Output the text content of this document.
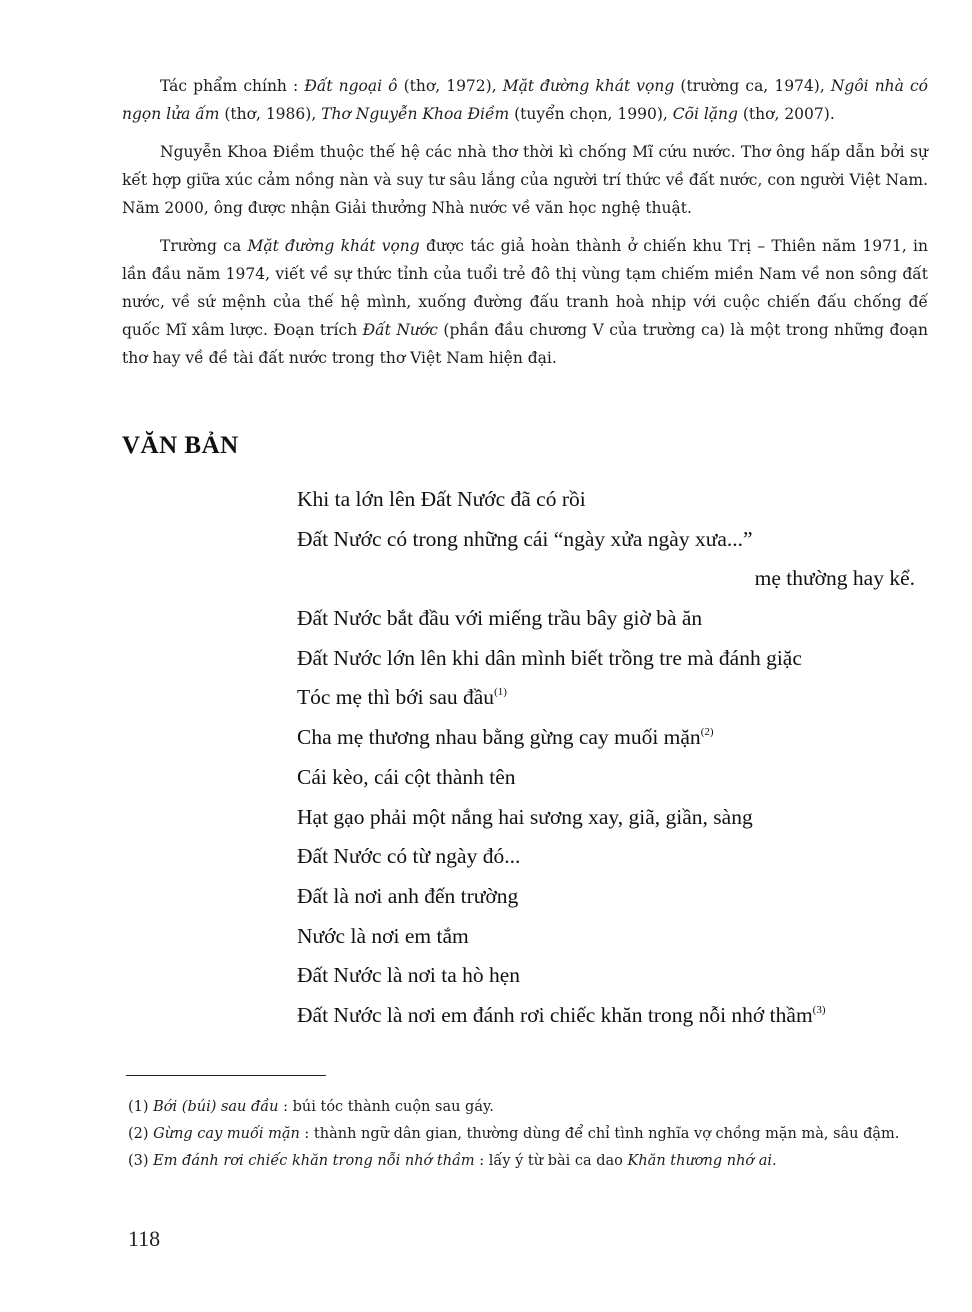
Tác phẩm chính : Đất ngoại ô (thơ, 1972), Mặt đường khát vọng (trường ca, 1974), Ngôi nhà có ngọn lửa ấm (thơ, 1986), Thơ Nguyễn Khoa Điềm (tuyển chọn, 1990), Cõi lặng (thơ, 2007).

Nguyễn Khoa Điềm thuộc thế hệ các nhà thơ thời kì chống Mĩ cứu nước. Thơ ông hấp dẫn bởi sự kết hợp giữa xúc cảm nồng nàn và suy tư sâu lắng của người trí thức về đất nước, con người Việt Nam. Năm 2000, ông được nhận Giải thưởng Nhà nước về văn học nghệ thuật.

Trường ca Mặt đường khát vọng được tác giả hoàn thành ở chiến khu Trị – Thiên năm 1971, in lần đầu năm 1974, viết về sự thức tỉnh của tuổi trẻ đô thị vùng tạm chiếm miền Nam về non sông đất nước, về sứ mệnh của thế hệ mình, xuống đường đấu tranh hoà nhịp với cuộc chiến đấu chống đế quốc Mĩ xâm lược. Đoạn trích Đất Nước (phần đầu chương V của trường ca) là một trong những đoạn thơ hay về đề tài đất nước trong thơ Việt Nam hiện đại.

VĂN BẢN
Khi ta lớn lên Đất Nước đã có rồi
Đất Nước có trong những cái “ngày xửa ngày xưa...”
mẹ thường hay kể.
Đất Nước bắt đầu với miếng trầu bây giờ bà ăn
Đất Nước lớn lên khi dân mình biết trồng tre mà đánh giặc
Tóc mẹ thì bới sau đầu$^{(1)}$
Cha mẹ thương nhau bằng gừng cay muối mặn$^{(2)}$
Cái kèo, cái cột thành tên
Hạt gạo phải một nắng hai sương xay, giã, giần, sàng
Đất Nước có từ ngày đó...
Đất là nơi anh đến trường
Nước là nơi em tắm
Đất Nước là nơi ta hò hẹn
Đất Nước là nơi em đánh rơi chiếc khăn trong nỗi nhớ thầm$^{(3)}$
(1) Bới (búi) sau đầu : búi tóc thành cuộn sau gáy.
(2) Gừng cay muối mặn : thành ngữ dân gian, thường dùng để chỉ tình nghĩa vợ chồng mặn mà, sâu đậm.
(3) Em đánh rơi chiếc khăn trong nỗi nhớ thầm : lấy ý từ bài ca dao Khăn thương nhớ ai.
118
